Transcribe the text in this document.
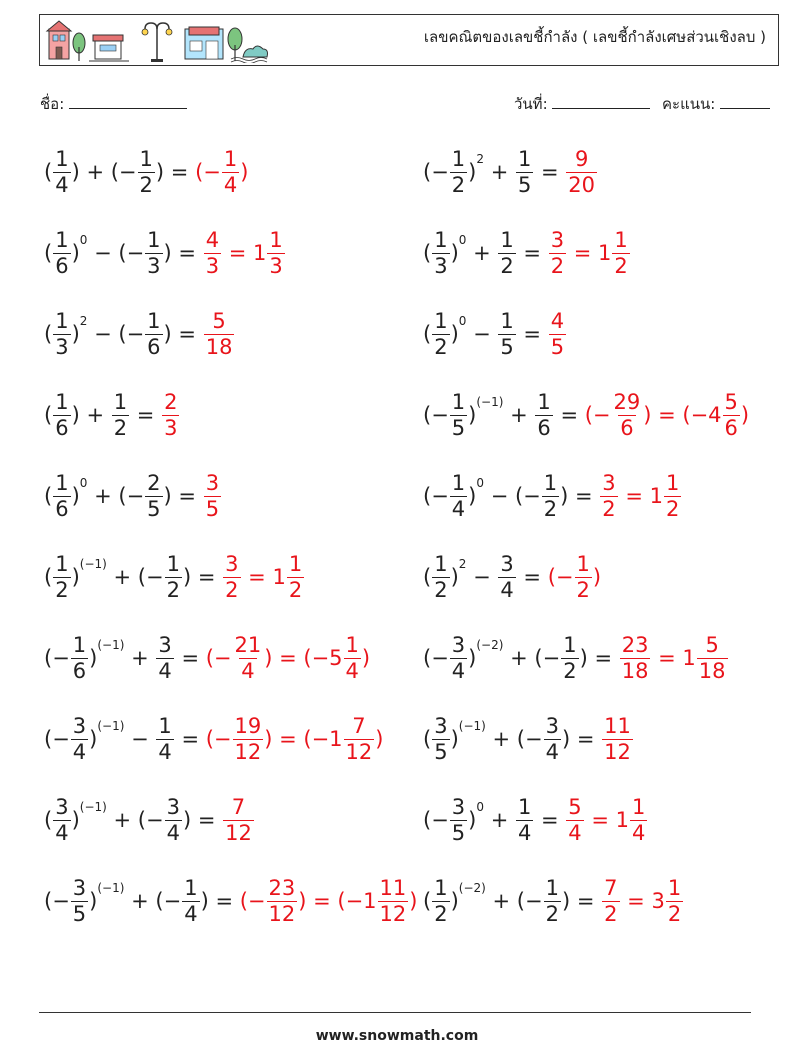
เลขคณิตของเลขชี้กำลัง ( เลขชี้กำลังเศษส่วนเชิงลบ )
ชื่อ:	วันที่:	คะแนน:
( $\frac{1}{4}$ ) + (− $\frac{1}{2}$ ) = (− $\frac{1}{4}$ )	(− $\frac{1}{2}$ )
2
+ $\frac{1}{5} = \frac{9}{20}$
( $\frac{1}{6}$ )
0
− (− $\frac{1}{3}$ ) = $\frac{4}{3} = 1 \frac{1}{3}$	( $\frac{1}{3}$ )
0
+ $\frac{1}{2} = \frac{3}{2} = 1 \frac{1}{2}$
( $\frac{1}{3}$ )
2
− (− $\frac{1}{6}$ ) = $\frac{5}{18}$	( $\frac{1}{2}$ )
0
− $\frac{1}{5} = \frac{4}{5}$
( $\frac{1}{6}$ ) + $\frac{1}{2} = \frac{2}{3}$	(− $\frac{1}{5}$ )
(−1)
+ $\frac{1}{6}$ = (− $\frac{29}{6}$ ) = ($-4 \frac{5}{6}$ )
( $\frac{1}{6}$ )
0
+ (− $\frac{2}{5}$ ) = $\frac{3}{5}$	(− $\frac{1}{4}$ )
0
− (− $\frac{1}{2}$ ) = $\frac{3}{2} = 1 \frac{1}{2}$
( $\frac{1}{2}$ )
(−1)
+ (− $\frac{1}{2}$ ) = $\frac{3}{2} = 1 \frac{1}{2}$	( $\frac{1}{2}$ )
2
− $\frac{3}{4}$ = (− $\frac{1}{2}$ )
(− $\frac{1}{6}$ )
(−1)
+ $\frac{3}{4}$ = (− $\frac{21}{4}$ ) = ($-5 \frac{1}{4}$ )	(− $\frac{3}{4}$ )
(−2)
+ (− $\frac{1}{2}$ ) = $\frac{23}{18} = 1 \frac{5}{18}$
(− $\frac{3}{4}$ )
(−1)
− $\frac{1}{4}$ = (− $\frac{19}{12}$ ) = ($-1 \frac{7}{12}$ ) ( $\frac{3}{5}$ )
(−1)
+ (− $\frac{3}{4}$ ) = $\frac{11}{12}$
( $\frac{3}{4}$ )
(−1)
+ (− $\frac{3}{4}$ ) = $\frac{7}{12}$	(− $\frac{3}{5}$ )
0
+ $\frac{1}{4} = \frac{5}{4} = 1 \frac{1}{4}$
(− $\frac{3}{5}$ )
(−1)
+ (− $\frac{1}{4}$ ) = (− $\frac{23}{12}$ ) = ($-1 \frac{11}{12}$ ) ( $\frac{1}{2}$ )
(−2)
+ (− $\frac{1}{2}$ ) = $\frac{7}{2} = 3 \frac{1}{2}$
www.snowmath.com
